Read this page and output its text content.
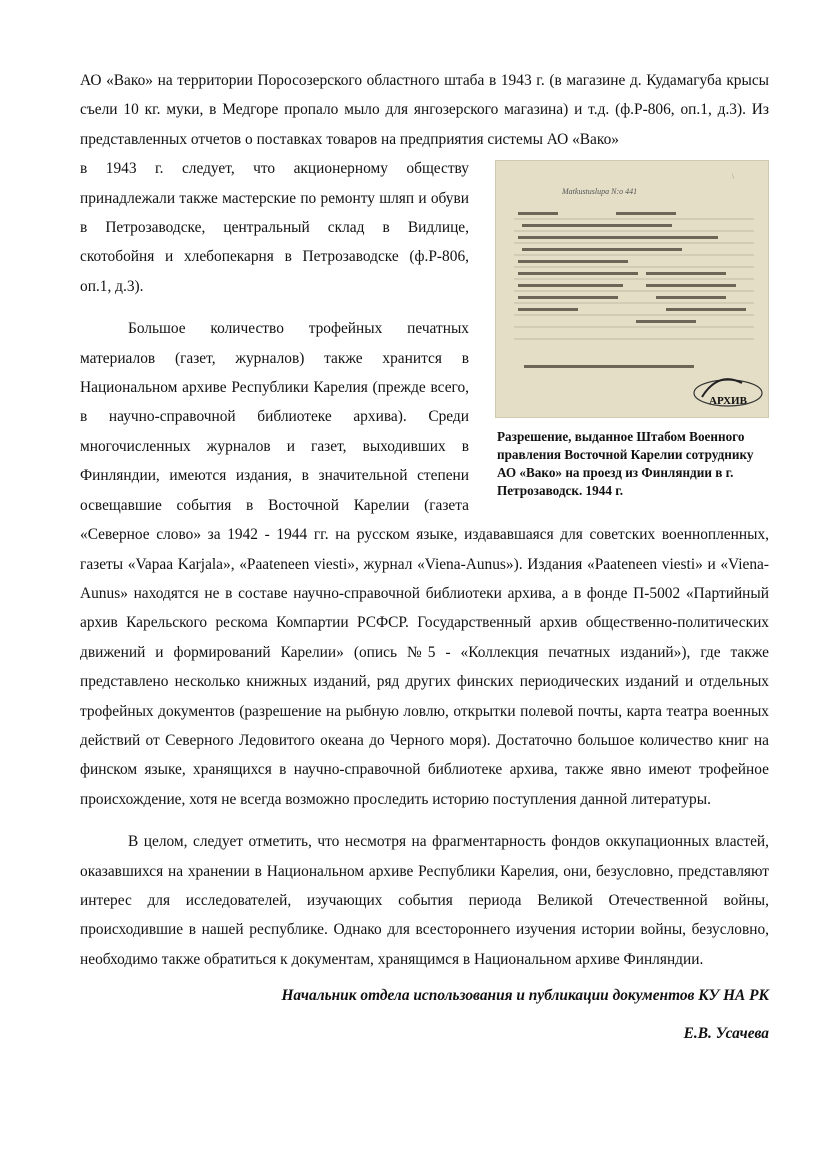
АО «Вако» на территории Поросозерского областного штаба в 1943 г. (в магазине д. Кудамагуба крысы съели 10 кг. муки, в Медгоре пропало мыло для янгозерского магазина) и т.д. (ф.Р-806, оп.1, д.3). Из представленных отчетов о поставках товаров на предприятия системы АО «Вако»

Matkustuslupa N:o 441
\
АРХИВ
Разрешение, выданное Штабом Военного правления Восточной Карелии сотруднику АО «Вако» на проезд из Финляндии в г. Петрозаводск. 1944 г.

в 1943 г. следует, что акционерному обществу принадлежали также мастерские по ремонту шляп и обуви в Петрозаводске, центральный склад в Видлице, скотобойня и хлебопекарня в Петрозаводске (ф.Р-806, оп.1, д.3).

Большое количество трофейных печатных материалов (газет, журналов) также хранится в Национальном архиве Республики Карелия (прежде всего, в научно-справочной библиотеке архива). Среди многочисленных журналов и газет, выходивших в Финляндии, имеются издания, в значительной степени освещавшие события в Восточной Карелии (газета «Северное слово» за 1942 - 1944 гг. на русском языке, издававшаяся для советских военнопленных, газеты «Vapaa Karjala», «Paateneen viesti», журнал «Viena-Aunus»). Издания «Paateneen viesti» и «Viena-Aunus» находятся не в составе научно-справочной библиотеки архива, а в фонде П-5002 «Партийный архив Карельского рескома Компартии РСФСР. Государственный архив общественно-политических движений и формирований Карелии» (опись №5 - «Коллекция печатных изданий»), где также представлено несколько книжных изданий, ряд других финских периодических изданий и отдельных трофейных документов (разрешение на рыбную ловлю, открытки полевой почты, карта театра военных действий от Северного Ледовитого океана до Черного моря). Достаточно большое количество книг на финском языке, хранящихся в научно-справочной библиотеке архива, также явно имеют трофейное происхождение, хотя не всегда возможно проследить историю поступления данной литературы.

В целом, следует отметить, что несмотря на фрагментарность фондов оккупационных властей, оказавшихся на хранении в Национальном архиве Республики Карелия, они, безусловно, представляют интерес для исследователей, изучающих события периода Великой Отечественной войны, происходившие в нашей республике. Однако для всестороннего изучения истории войны, безусловно, необходимо также обратиться к документам, хранящимся в Национальном архиве Финляндии.

Начальник отдела использования и публикации документов КУ НА РК

Е.В. Усачева
